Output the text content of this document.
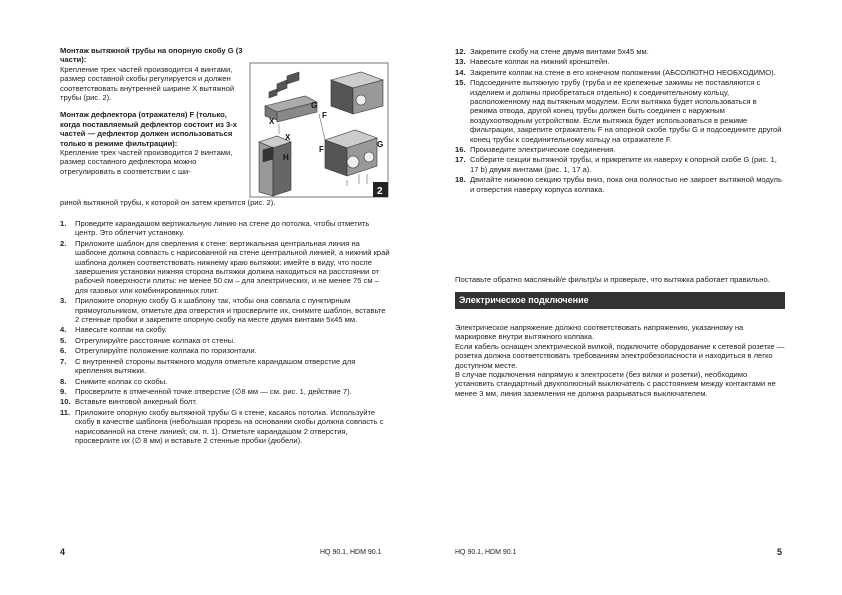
Монтаж вытяжной трубы на опорную скобу G (3 части):

Крепление трех частей производится 4 винтами, размер составной скобы регулируется и должен соответствовать внутренней ширине X вытяжной трубы (рис. 2).

Монтаж дефлектора (отражателя) F (только, когда поставляемый дефлектор состоит из 3-х частей — дефлектор должен использоваться только в режиме фильтрации):

Крепление трех частей производится 2 винтами, размер составного дефлектора можно отрегулировать в соответствии с ши-

G
X
F
G
H
F
X
2

риной вытяжной трубы, к которой он затем крепится (рис. 2).

1. Проведите карандашом вертикальную линию на стене до потолка, чтобы отметить центр. Это облегчит установку.
2. Приложите шаблон для сверления к стене: вертикальная центральная линия на шаблоне должна совпасть с нарисованной на стене центральной линией, а нижний край шаблона должен соответствовать нижнему краю вытяжки: имейте в виду, что после завершения установки нижняя сторона вытяжки должна находиться на расстоянии от рабочей поверхности плиты: не менее 50 см – для электрических, и не менее 75 см – для газовых или комбинированных плит.
3. Приложите опорную скобу G к шаблону так, чтобы она совпала с пунктирным прямоугольником, отметьте два отверстия и просверлите их, снимите шаблон, вставьте 2 стенные пробки и закрепите опорную скобу на месте двумя винтами 5x45 мм.
4. Навесьте колпак на скобу.
5. Отрегулируйте расстояние колпака от стены.
6. Отрегулируйте положение колпака по горизонтали.
7. С внутренней стороны вытяжного модуля отметьте карандашом отверстие для крепления вытяжки.
8. Снимите колпак со скобы.
9. Просверлите в отмеченной точке отверстие (∅8 мм — см. рис. 1, действие 7).
10. Вставьте винтовой анкерный болт.
11. Приложите опорную скобу вытяжной трубы G к стене, касаясь потолка. Используйте скобу в качестве шаблона (небольшая прорезь на основании скобы должна совпасть с нарисованной на стене линией; см. п. 1). Отметьте карандашом 2 отверстия, просверлите их (∅ 8 мм) и вставьте 2 стенные пробки (дюбели).
4	HQ 90.1, HDM 90.1
12. Закрепите скобу на стене двумя винтами 5x45 мм.
13. Навесьте колпак на нижний кронштейн.
14. Закрепите колпак на стене в его конечном положении (АБСОЛЮТНО НЕОБХОДИМО).
15. Подсоедините вытяжную трубу (труба и ее крепежные зажимы не поставляются с изделием и должны приобретаться отдельно) к соединительному кольцу, расположенному над вытяжным модулем. Если вытяжка будет использоваться в режима отвода, другой конец трубы должен быть соединен с наружным воздухоотводным устройством. Если вытяжка будет использоваться в режиме фильтрации, закрепите отражатель F на опорной скобе трубы G и подсоедините другой конец трубы к соединительному кольцу на отражателе F.
16. Произведите электрические соединения.
17. Соберите секции вытяжной трубы, и прикрепите их наверху к опорной скобе G (рис. 1, 17 b) двумя винтами (рис. 1, 17 a).
18. Двигайте нижнюю секцию трубы вниз, пока она полностью не закроет вытяжной модуль и отверстия наверху корпуса колпака.

Поставьте обратно масляный/е фильтр/ы и проверьте, что вытяжка работает правильно.

Электрическое подключение

Электрическое напряжение должно соответствовать напряжению, указанному на маркировке внутри вытяжного колпака.

Если кабель оснащен электрической вилкой, подключите оборудование к сетевой розетке — розетка должна соответствовать требованиям электробезопасности и находиться в легко доступном месте.

В случае подключения напрямую к электросети (без вилки и розетки), необходимо установить стандартный двухполюсный выключатель с расстоянием между контактами не менее 3 мм, линия заземления не должна разрываться выключателем.

HQ 90.1, HDM 90.1	5
